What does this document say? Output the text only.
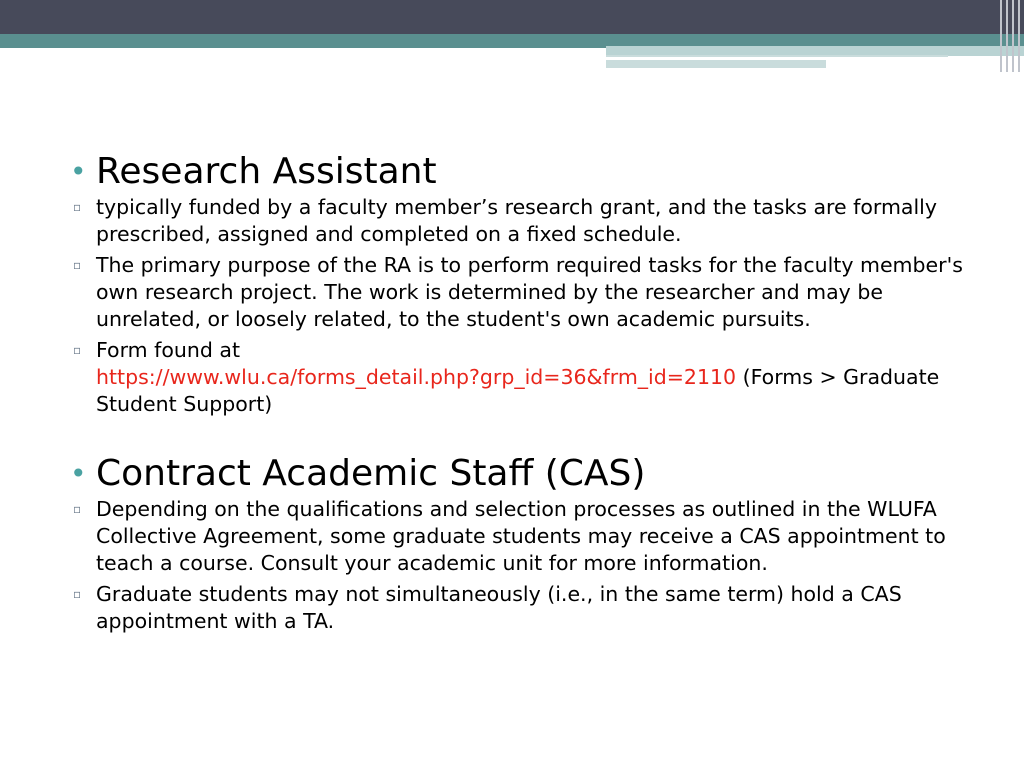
• Research Assistant

▫ typically funded by a faculty member’s research grant, and the tasks are formally prescribed, assigned and completed on a fixed schedule.

▫ The primary purpose of the RA is to perform required tasks for the faculty member's own research project. The work is determined by the researcher and may be unrelated, or loosely related, to the student's own academic pursuits.

▫ Form found at
https://www.wlu.ca/forms_detail.php?grp_id=36&frm_id=2110 (Forms > Graduate Student Support)

• Contract Academic Staff (CAS)

▫ Depending on the qualifications and selection processes as outlined in the WLUFA Collective Agreement, some graduate students may receive a CAS appointment to teach a course. Consult your academic unit for more information.

▫ Graduate students may not simultaneously (i.e., in the same term) hold a CAS appointment with a TA.
